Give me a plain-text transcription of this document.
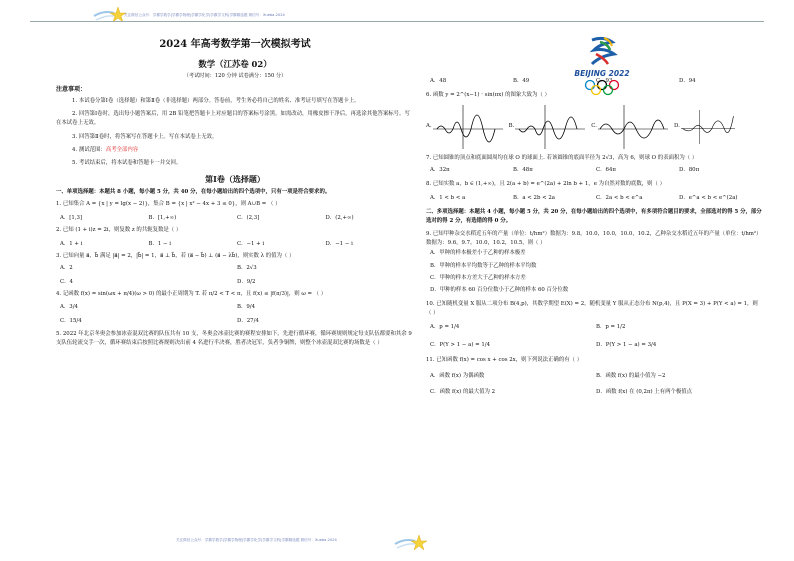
关注微信公众号：学霸学数学|学霸学物理|学霸学化学|学霸学文科|学霸精选题 微信号：Xueba-2024
2024 年高考数学第一次模拟考试
数学（江苏卷 02）
（考试时间：120 分钟 试卷满分：150 分）
注意事项：
1. 本试卷分第Ⅰ卷（选择题）和第Ⅱ卷（非选择题）两部分。答卷前，考生务必将自己的姓名、准考证号填写在答题卡上。
2. 回答第Ⅰ卷时，选出每小题答案后，用 2B 铅笔把答题卡上对应题目的答案标号涂黑。如需改动，用橡皮擦干净后，再选涂其他答案标号。写在本试卷上无效。
3. 回答第Ⅱ卷时，将答案写在答题卡上。写在本试卷上无效。
4. 测试范围：高考全部内容
5. 考试结束后，将本试卷和答题卡一并交回。
第Ⅰ卷（选择题）
一、单项选择题：本题共 8 小题，每小题 5 分，共 40 分，在每小题给出的四个选项中，只有一项是符合要求的。
1. 已知集合 A = {x | y = lg(x − 2)}，集合 B = {x | x² − 4x + 3 ≤ 0}，则 A∪B = （ ）
A．[1,3]	B．[1,+∞)	C．(2,3]	D．(2,+∞)
2. 已知 (1 + i)z = 2i，则复数 z 的共轭复数是（ ）
A．1 + i	B．1 − i	C．−1 + i	D．−1 − i
3. 已知向量 a⃗，b⃗ 满足 |a⃗| = 2，|b⃗| = 1，a⃗ ⊥ b⃗，若 (a⃗ − b⃗) ⊥ (a⃗ − λb⃗)，则实数 λ 的值为（ ）
A．2	B．2√3
C．4	D．9/2
4. 记函数 f(x) = sin(ωx + π/4)(ω > 0) 的最小正周期为 T. 若 π/2 < T < π，且 f(x) ≤ |f(π/3)|，则 ω = （ ）
A．3/4	B．9/4
C．15/4	D．27/4
5. 2022 年北京冬奥会参加冰壶混双比赛的队伍共有 10 支，冬奥会冰壶比赛的赛程安排如下，先进行循环赛，循环赛规则规定每支队伍都要和其余 9 支队伍轮流交手一次，循环赛结束后按照比赛规则决出前 4 名进行半决赛，胜者决冠军，负者争铜牌，则整个冰壶混双比赛的场数是（ ）
BEIJING 2022
A．48	B．49	C．93	D．94
6. 函数 y = 2^(x−1) · sin(πx) 的图象大致为（ ）
A.	B.	C.	D.
7. 已知圆锥的顶点和底面圆周均在球 O 的球面上. 若该圆锥的底面半径为 2√3，高为 6，则球 O 的表面积为（ ）
A．32π	B．48π	C．64π	D．80π
8. 已知实数 a，b ∈ (1,+∞)，且 2(a + b) = e^(2a) + 2ln b + 1，e 为自然对数的底数，则（ ）
A．1 < b < a	B．a < 2b < 2a	C．2a < b < e^a	D．e^a < b < e^(2a)
二、多项选择题：本题共 4 小题，每小题 5 分，共 20 分，在每小题给出的四个选项中，有多项符合题目的要求，全部选对的得 5 分，部分选对的得 2 分，有选错的得 0 分。
9. 已知甲种杂交水稻近五年的产量（单位：t/hm²）数据为：9.8，10.0，10.0，10.0，10.2，乙种杂交水稻近五年的产量（单位：t/hm²）数据为：9.6，9.7，10.0，10.2，10.5，则（ ）
A．甲种的样本极差小于乙种的样本极差
B．甲种的样本平均数等于乙种的样本平均数
C．甲种的样本方差大于乙种的样本方差
D．甲种的样本 60 百分位数小于乙种的样本 60 百分位数
10. 已知随机变量 X 服从二项分布 B(4,p)，其数学期望 E(X) = 2，随机变量 Y 服从正态分布 N(p,4)，且 P(X = 3) + P(Y < a) = 1，则（ ）
A．p = 1/4	B．p = 1/2
C．P(Y > 1 − a) = 1/4	D．P(Y > 1 − a) = 3/4
11. 已知函数 f(x) = cos x + cos 2x，则下列说法正确的有（ ）
A．函数 f(x) 为偶函数	B．函数 f(x) 的最小值为 −2
C．函数 f(x) 的最大值为 2	D．函数 f(x) 在 (0,2π) 上有两个极值点
关注微信公众号：学霸学数学|学霸学物理|学霸学化学|学霸学文科|学霸精选题 微信号：Xueba-2024
